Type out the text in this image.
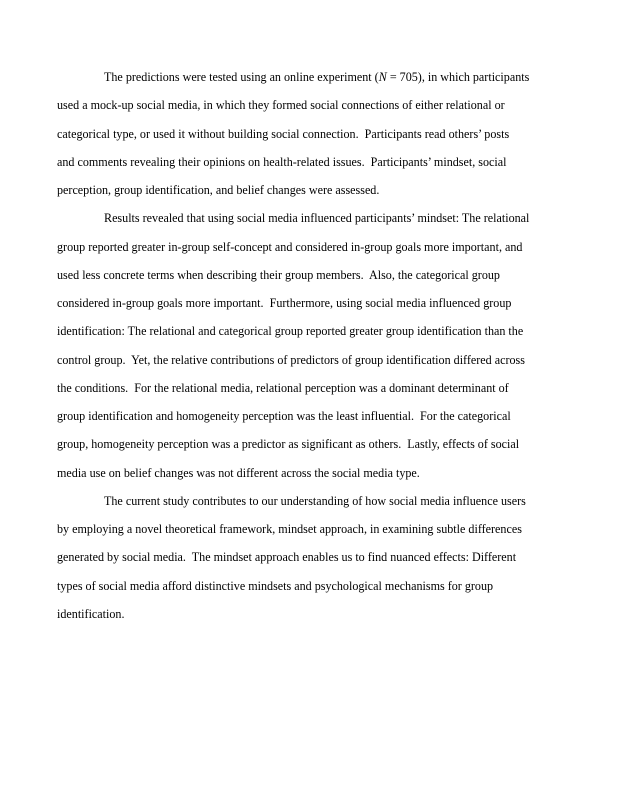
The predictions were tested using an online experiment (N = 705), in which participants
used a mock-up social media, in which they formed social connections of either relational or
categorical type, or used it without building social connection.  Participants read others’ posts
and comments revealing their opinions on health-related issues.  Participants’ mindset, social
perception, group identification, and belief changes were assessed.
Results revealed that using social media influenced participants’ mindset: The relational
group reported greater in-group self-concept and considered in-group goals more important, and
used less concrete terms when describing their group members.  Also, the categorical group
considered in-group goals more important.  Furthermore, using social media influenced group
identification: The relational and categorical group reported greater group identification than the
control group.  Yet, the relative contributions of predictors of group identification differed across
the conditions.  For the relational media, relational perception was a dominant determinant of
group identification and homogeneity perception was the least influential.  For the categorical
group, homogeneity perception was a predictor as significant as others.  Lastly, effects of social
media use on belief changes was not different across the social media type.
The current study contributes to our understanding of how social media influence users
by employing a novel theoretical framework, mindset approach, in examining subtle differences
generated by social media.  The mindset approach enables us to find nuanced effects: Different
types of social media afford distinctive mindsets and psychological mechanisms for group
identification.
